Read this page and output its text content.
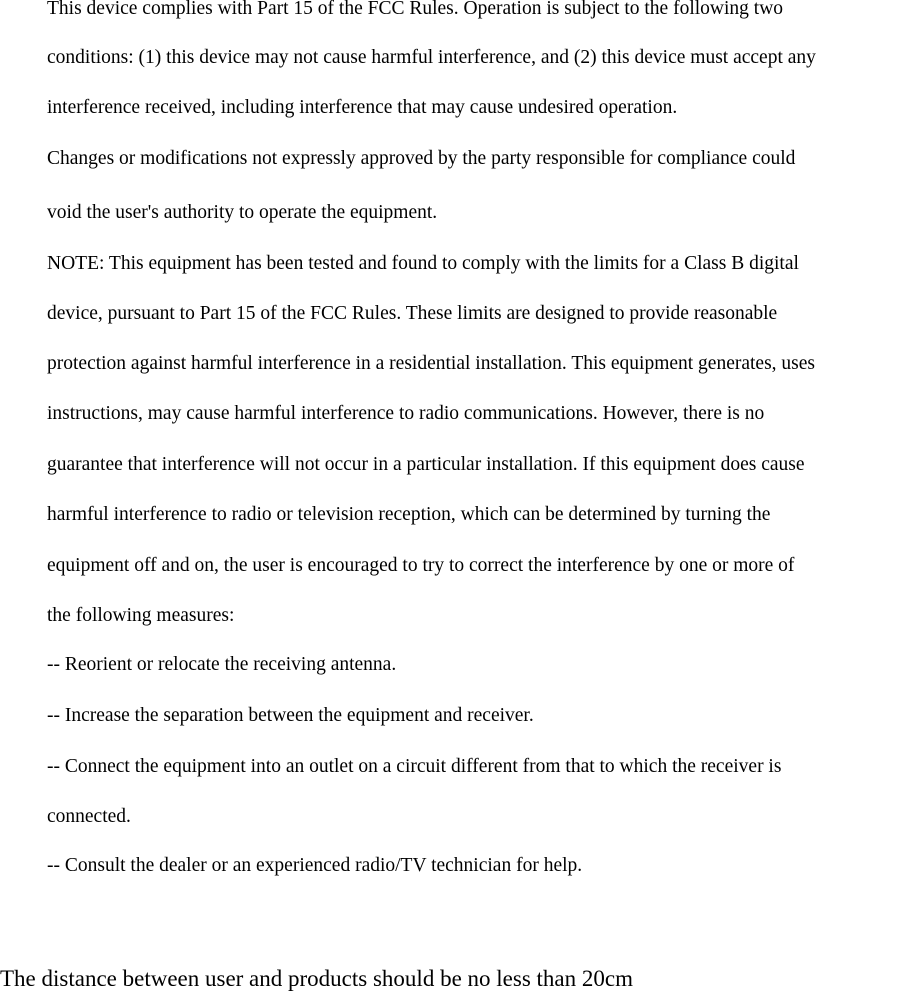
This device complies with Part 15 of the FCC Rules. Operation is subject to the following two
conditions: (1) this device may not cause harmful interference, and (2) this device must accept any
interference received, including interference that may cause undesired operation.
Changes or modifications not expressly approved by the party responsible for compliance could
void the user's authority to operate the equipment.
NOTE: This equipment has been tested and found to comply with the limits for a Class B digital
device, pursuant to Part 15 of the FCC Rules. These limits are designed to provide reasonable
protection against harmful interference in a residential installation. This equipment generates, uses
instructions, may cause harmful interference to radio communications. However, there is no
guarantee that interference will not occur in a particular installation. If this equipment does cause
harmful interference to radio or television reception, which can be determined by turning the
equipment off and on, the user is encouraged to try to correct the interference by one or more of
the following measures:
-- Reorient or relocate the receiving antenna.
-- Increase the separation between the equipment and receiver.
-- Connect the equipment into an outlet on a circuit different from that to which the receiver is
connected.
-- Consult the dealer or an experienced radio/TV technician for help.
The distance between user and products should be no less than 20cm
